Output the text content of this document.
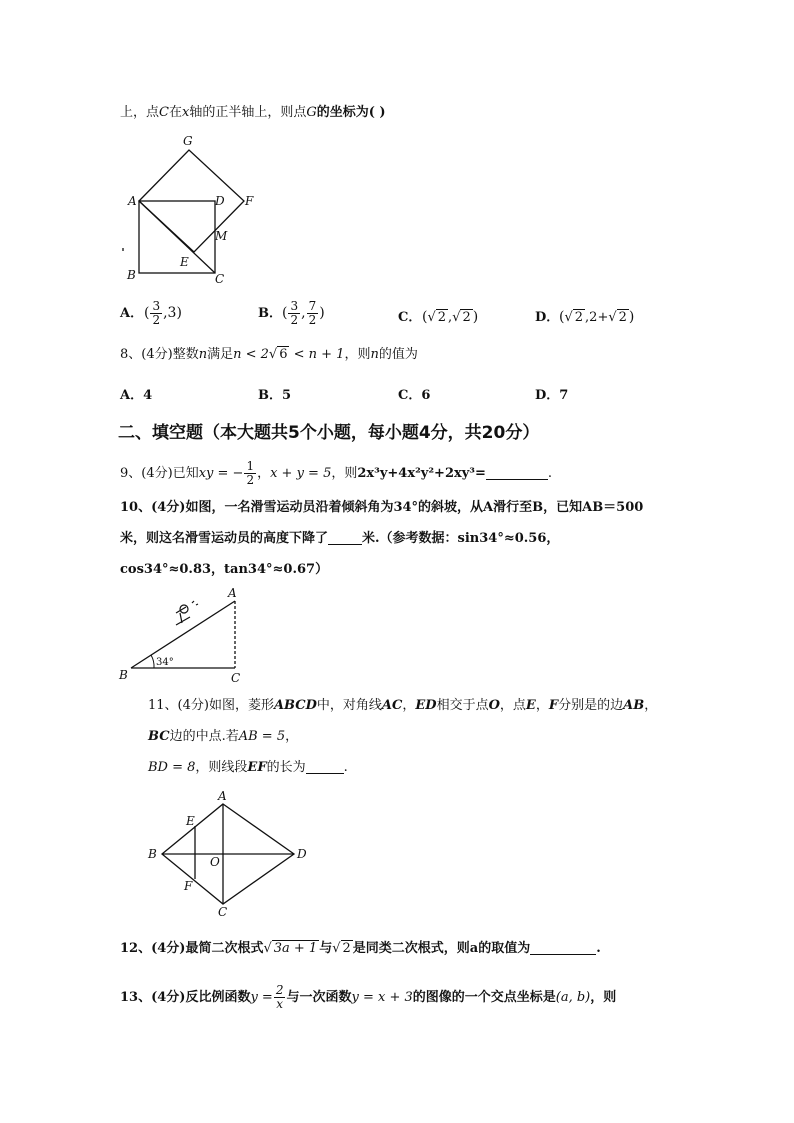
上，点C在x轴的正半轴上，则点G的坐标为( )
G
A	D F
M
E
B	C
A．( $\frac{3}{2} ,3$)	B．( $\frac{3}{2}$ , $\frac{7}{2}$ )	C．(√ 2 ,√ 2 )	D．(√ 2 ,2+√ 2 )
8、(4分)整数n满足n < 2√ 6 < n + 1，则n的值为
A．4	B．5	C．6	D．7
二、填空题（本大题共5个小题，每小题4分，共20分）
9、(4分)已知xy = − $\frac{1}{2}$ ，x + y = 5，则2x³y+4x²y²+2xy³=	.
10、(4分)如图，一名滑雪运动员沿着倾斜角为34°的斜坡，从A滑行至B，已知AB＝500
米，则这名滑雪运动员的高度下降了	米.（参考数据：sin34°≈0.56，
cos34°≈0.83，tan34°≈0.67）
B
A
C
34°
11、(4分)如图，菱形ABCD中，对角线AC，ED相交于点O，点E，F分别是的边AB，
BC边的中点.若AB = 5，
BD = 8，则线段EF的长为	.
A
B
C
D
E
F
O
12、(4分)最简二次根式√ 3a + 1 与√ 2 是同类二次根式，则a的取值为	.
13、(4分)反比例函数$y = \frac{2}{x}$ 与一次函数y = x + 3的图像的一个交点坐标是(a, b)，则
